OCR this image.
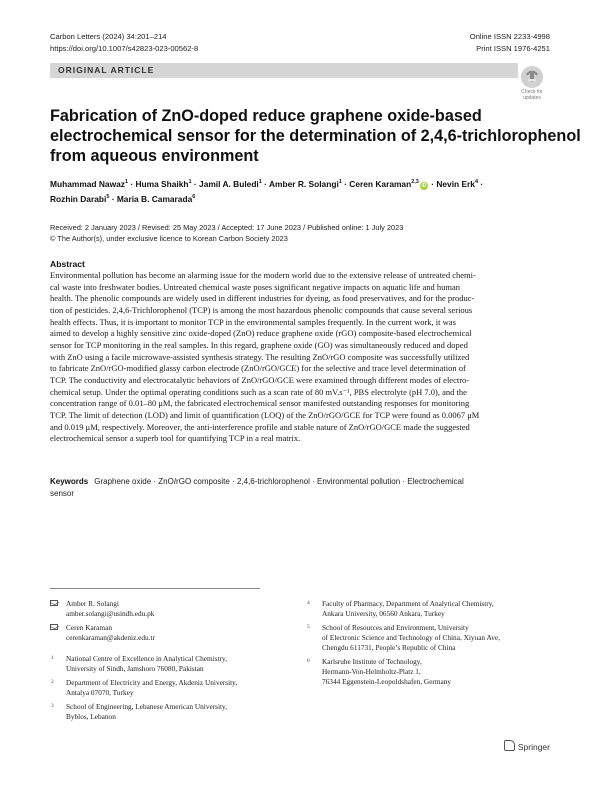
Carbon Letters (2024) 34:201–214
https://doi.org/10.1007/s42823-023-00562-8
Online ISSN 2233-4998
Print ISSN 1976-4251
ORIGINAL ARTICLE
Check for
updates
Fabrication of ZnO-doped reduce graphene oxide-based
electrochemical sensor for the determination of 2,4,6-trichlorophenol
from aqueous environment
Muhammad Nawaz$^1$ · Huma Shaikh$^1$ · Jamil A. Buledi$^1$ · Amber R. Solangi$^1$ · Ceren Karaman$^{2,3}$iD · Nevin Erk$^4$ ·
Rozhin Darabi$^5$ · Maria B. Camarada$^6$
Received: 2 January 2023 / Revised: 25 May 2023 / Accepted: 17 June 2023 / Published online: 1 July 2023
© The Author(s), under exclusive licence to Korean Carbon Society 2023
Abstract
Environmental pollution has become an alarming issue for the modern world due to the extensive release of untreated chemi-
cal waste into freshwater bodies. Untreated chemical waste poses significant negative impacts on aquatic life and human
health. The phenolic compounds are widely used in different industries for dyeing, as food preservatives, and for the produc-
tion of pesticides. 2,4,6-Trichlorophenol (TCP) is among the most hazardous phenolic compounds that cause several serious
health effects. Thus, it is important to monitor TCP in the environmental samples frequently. In the current work, it was
aimed to develop a highly sensitive zinc oxide-doped (ZnO) reduce graphene oxide (rGO) composite-based electrochemical
sensor for TCP monitoring in the real samples. In this regard, graphene oxide (GO) was simultaneously reduced and doped
with ZnO using a facile microwave-assisted synthesis strategy. The resulting ZnO/rGO composite was successfully utilized
to fabricate ZnO/rGO-modified glassy carbon electrode (ZnO/rGO/GCE) for the selective and trace level determination of
TCP. The conductivity and electrocatalytic behaviors of ZnO/rGO/GCE were examined through different modes of electro-
chemical setup. Under the optimal operating conditions such as a scan rate of 80 mV.s⁻¹, PBS electrolyte (pH 7.0), and the
concentration range of 0.01–80 μM, the fabricated electrochemical sensor manifested outstanding responses for monitoring
TCP. The limit of detection (LOD) and limit of quantification (LOQ) of the ZnO/rGO/GCE for TCP were found as 0.0067 μM
and 0.019 μM, respectively. Moreover, the anti-interference profile and stable nature of ZnO/rGO/GCE made the suggested
electrochemical sensor a superb tool for quantifying TCP in a real matrix.
Keywords Graphene oxide · ZnO/rGO composite · 2,4,6-trichlorophenol · Environmental pollution · Electrochemical
sensor
Amber R. Solangi
amber.solangi@usindh.edu.pk
Ceren Karaman
cerenkaraman@akdeniz.edu.tr
1 National Centre of Excellence in Analytical Chemistry,
University of Sindh, Jamshoro 76080, Pakistan
2 Department of Electricity and Energy, Akdeniz University,
Antalya 07070, Turkey
3 School of Engineering, Lebanese American University,
Byblos, Lebanon
4 Faculty of Pharmacy, Department of Analytical Chemistry,
Ankara University, 06560 Ankara, Turkey
5 School of Resources and Environment, University
of Electronic Science and Technology of China, Xiyuan Ave,
Chengdu 611731, People’s Republic of China
6 Karlsruhe Institute of Technology,
Hermann-Von-Helmholtz-Platz 1,
76344 Eggenstein-Leopoldshafen, Germany
Springer
